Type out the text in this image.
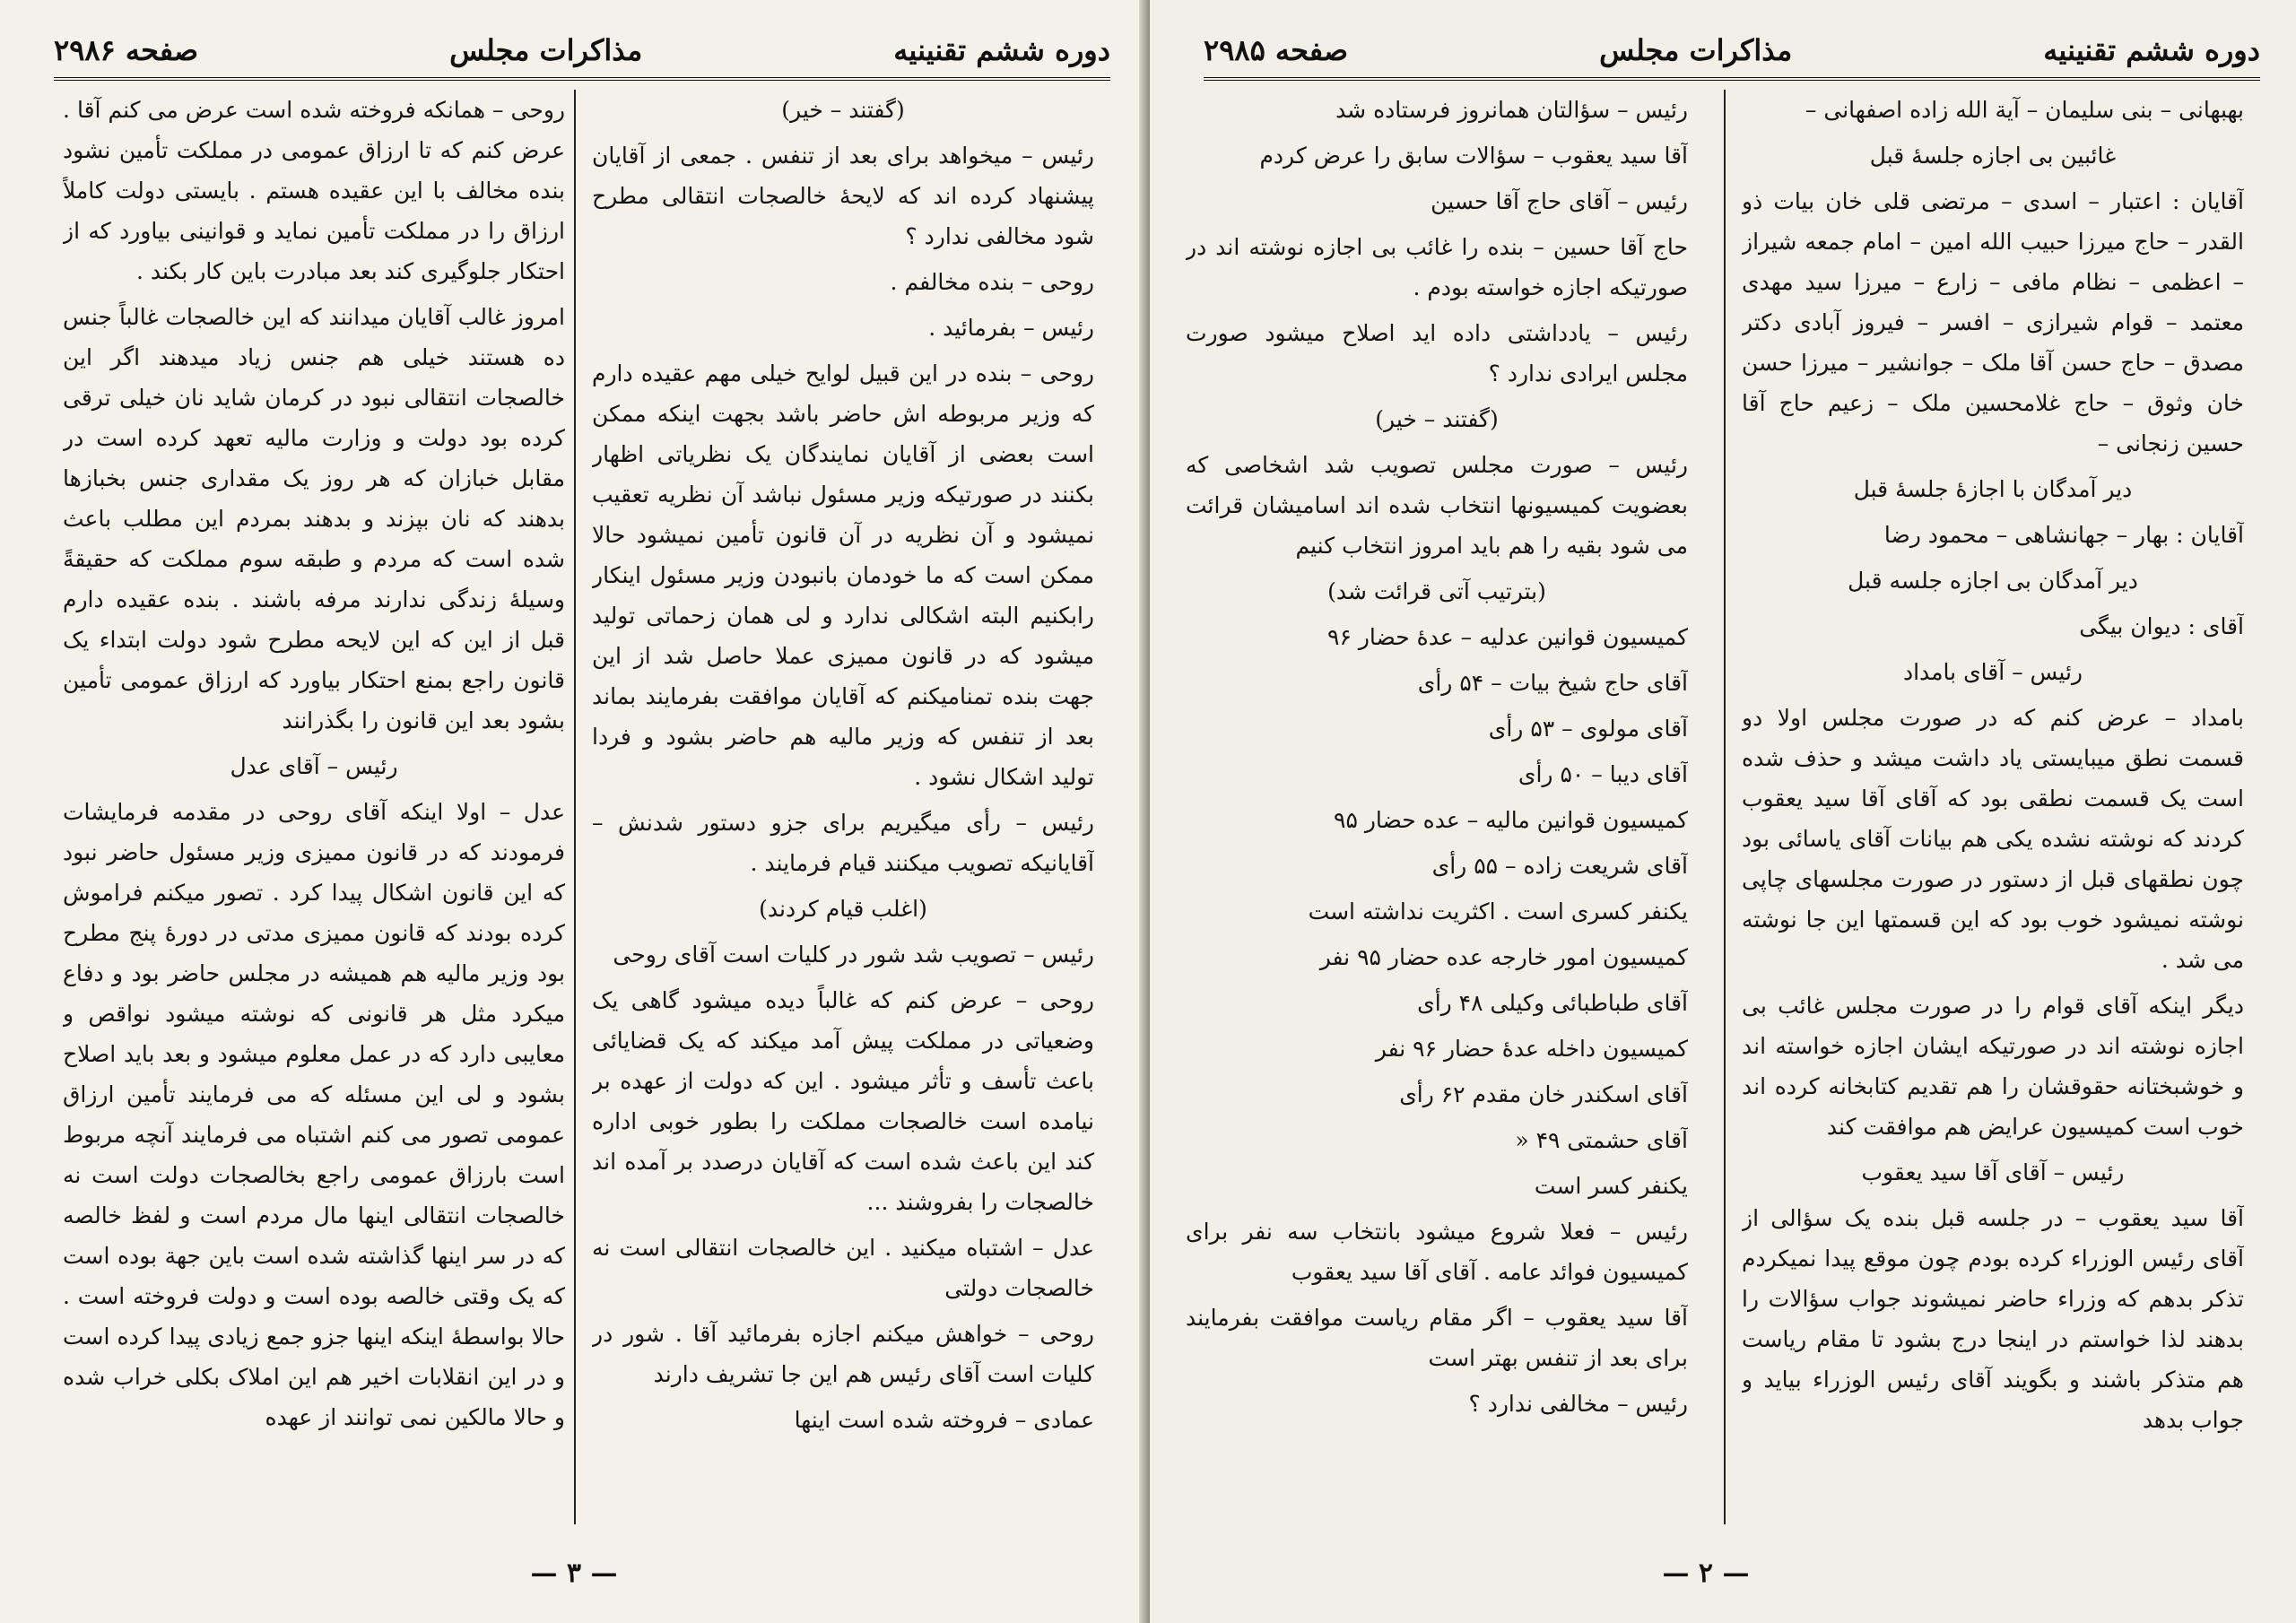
دوره ششم تقنینیه
مذاکرات مجلس
صفحه ۲۹۸۶

(گفتند – خیر)

رئیس – میخواهد برای بعد از تنفس . جمعی از آقایان پیشنهاد کرده اند که لایحهٔ خالصجات انتقالی مطرح شود مخالفی ندارد ؟

روحی – بنده مخالفم .

رئیس – بفرمائید .

روحی – بنده در این قبیل لوایح خیلی مهم عقیده دارم که وزیر مربوطه اش حاضر باشد بجهت اینکه ممکن است بعضی از آقایان نمایندگان یک نظریاتی اظهار بکنند در صورتیکه وزیر مسئول نباشد آن نظریه تعقیب نمیشود و آن نظریه در آن قانون تأمین نمیشود حالا ممکن است که ما خودمان بانبودن وزیر مسئول اینکار رابکنیم البته اشکالی ندارد و لی همان زحماتی تولید میشود که در قانون ممیزی عملا حاصل شد از این جهت بنده تمنامیکنم که آقایان موافقت بفرمایند بماند بعد از تنفس که وزیر مالیه هم حاضر بشود و فردا تولید اشکال نشود .

رئیس – رأی میگیریم برای جزو دستور شدنش – آقایانیکه تصویب میکنند قیام فرمایند .

(اغلب قیام کردند)

رئیس – تصویب شد شور در کلیات است آقای روحی

روحی – عرض کنم که غالباً دیده میشود گاهی یک وضعیاتی در مملکت پیش آمد میکند که یک قضایائی باعث تأسف و تأثر میشود . این که دولت از عهده بر نیامده است خالصجات مملکت را بطور خوبی اداره کند این باعث شده است که آقایان درصدد بر آمده اند خالصجات را بفروشند ...

عدل – اشتباه میکنید . این خالصجات انتقالی است نه خالصجات دولتی

روحی – خواهش میکنم اجازه بفرمائید آقا . شور در کلیات است آقای رئیس هم این جا تشریف دارند

عمادی – فروخته شده است اینها

روحی – همانکه فروخته شده است عرض می کنم آقا . عرض کنم که تا ارزاق عمومی در مملکت تأمین نشود بنده مخالف با این عقیده هستم . بایستی دولت کاملاً ارزاق را در مملکت تأمین نماید و قوانینی بیاورد که از احتکار جلوگیری کند بعد مبادرت باین کار بکند .

امروز غالب آقایان میدانند که این خالصجات غالباً جنس ده هستند خیلی هم جنس زیاد میدهند اگر این خالصجات انتقالی نبود در کرمان شاید نان خیلی ترقی کرده بود دولت و وزارت مالیه تعهد کرده است در مقابل خبازان که هر روز یک مقداری جنس بخبازها بدهند که نان بپزند و بدهند بمردم این مطلب باعث شده است که مردم و طبقه سوم مملکت که حقیقةً وسیلهٔ زندگی ندارند مرفه باشند . بنده عقیده دارم قبل از این که این لایحه مطرح شود دولت ابتداء یک قانون راجع بمنع احتکار بیاورد که ارزاق عمومی تأمین بشود بعد این قانون را بگذرانند

رئیس – آقای عدل

عدل – اولا اینکه آقای روحی در مقدمه فرمایشات فرمودند که در قانون ممیزی وزیر مسئول حاضر نبود که این قانون اشکال پیدا کرد . تصور میکنم فراموش کرده بودند که قانون ممیزی مدتی در دورهٔ پنج مطرح بود وزیر مالیه هم همیشه در مجلس حاضر بود و دفاع میکرد مثل هر قانونی که نوشته میشود نواقص و معایبی دارد که در عمل معلوم میشود و بعد باید اصلاح بشود و لی این مسئله که می فرمایند تأمین ارزاق عمومی تصور می کنم اشتباه می فرمایند آنچه مربوط است بارزاق عمومی راجع بخالصجات دولت است نه خالصجات انتقالی اینها مال مردم است و لفظ خالصه که در سر اینها گذاشته شده است باین جهة بوده است که یک وقتی خالصه بوده است و دولت فروخته است . حالا بواسطهٔ اینکه اینها جزو جمع زیادی پیدا کرده است و در این انقلابات اخیر هم این املاک بکلی خراب شده و حالا مالکین نمی توانند از عهده

— ۳ —
دوره ششم تقنینیه
مذاکرات مجلس
صفحه ۲۹۸۵

بهبهانی – بنی سلیمان – آیة الله زاده اصفهانی –

غائبین بی اجازه جلسهٔ قبل

آقایان : اعتبار – اسدی – مرتضی قلی خان بیات ذو القدر – حاج میرزا حبیب الله امین – امام جمعه شیراز – اعظمی – نظام مافی – زارع – میرزا سید مهدی معتمد – قوام شیرازی – افسر – فیروز آبادی دکتر مصدق – حاج حسن آقا ملک – جوانشیر – میرزا حسن خان وثوق – حاج غلامحسین ملک – زعیم حاج آقا حسین زنجانی –

دیر آمدگان با اجازهٔ جلسهٔ قبل

آقایان : بهار – جهانشاهی – محمود رضا

دیر آمدگان بی اجازه جلسه قبل

آقای : دیوان بیگی

رئیس – آقای بامداد

بامداد – عرض کنم که در صورت مجلس اولا دو قسمت نطق میبایستی یاد داشت میشد و حذف شده است یک قسمت نطقی بود که آقای آقا سید یعقوب کردند که نوشته نشده یکی هم بیانات آقای یاسائی بود چون نطقهای قبل از دستور در صورت مجلسهای چاپی نوشته نمیشود خوب بود که این قسمتها این جا نوشته می شد .

دیگر اینکه آقای قوام را در صورت مجلس غائب بی اجازه نوشته اند در صورتیکه ایشان اجازه خواسته اند و خوشبختانه حقوقشان را هم تقدیم کتابخانه کرده اند خوب است کمیسیون عرایض هم موافقت کند

رئیس – آقای آقا سید یعقوب

آقا سید یعقوب – در جلسه قبل بنده یک سؤالی از آقای رئیس الوزراء کرده بودم چون موقع پیدا نمیکردم تذکر بدهم که وزراء حاضر نمیشوند جواب سؤالات را بدهند لذا خواستم در اینجا درج بشود تا مقام ریاست هم متذکر باشند و بگویند آقای رئیس الوزراء بیاید و جواب بدهد

رئیس – سؤالتان همانروز فرستاده شد

آقا سید یعقوب – سؤالات سابق را عرض کردم

رئیس – آقای حاج آقا حسین

حاج آقا حسین – بنده را غائب بی اجازه نوشته اند در صورتیکه اجازه خواسته بودم .

رئیس – یادداشتی داده اید اصلاح میشود صورت مجلس ایرادی ندارد ؟

(گفتند – خیر)

رئیس – صورت مجلس تصویب شد اشخاصی که بعضویت کمیسیونها انتخاب شده اند اسامیشان قرائت می شود بقیه را هم باید امروز انتخاب کنیم

(بترتیب آتی قرائت شد)

کمیسیون قوانین عدلیه – عدهٔ حضار ۹۶

آقای حاج شیخ بیات – ۵۴ رأی

آقای مولوی – ۵۳ رأی

آقای دیبا – ۵۰ رأی

کمیسیون قوانین مالیه – عده حضار ۹۵

آقای شریعت زاده – ۵۵ رأی

یکنفر کسری است . اکثریت نداشته است

کمیسیون امور خارجه عده حضار ۹۵ نفر

آقای طباطبائی وکیلی ۴۸ رأی

کمیسیون داخله عدهٔ حضار ۹۶ نفر

آقای اسکندر خان مقدم ۶۲ رأی

آقای حشمتی ۴۹ «

یکنفر کسر است

رئیس – فعلا شروع میشود بانتخاب سه نفر برای کمیسیون فوائد عامه . آقای آقا سید یعقوب

آقا سید یعقوب – اگر مقام ریاست موافقت بفرمایند برای بعد از تنفس بهتر است

رئیس – مخالفی ندارد ؟

— ۲ —
